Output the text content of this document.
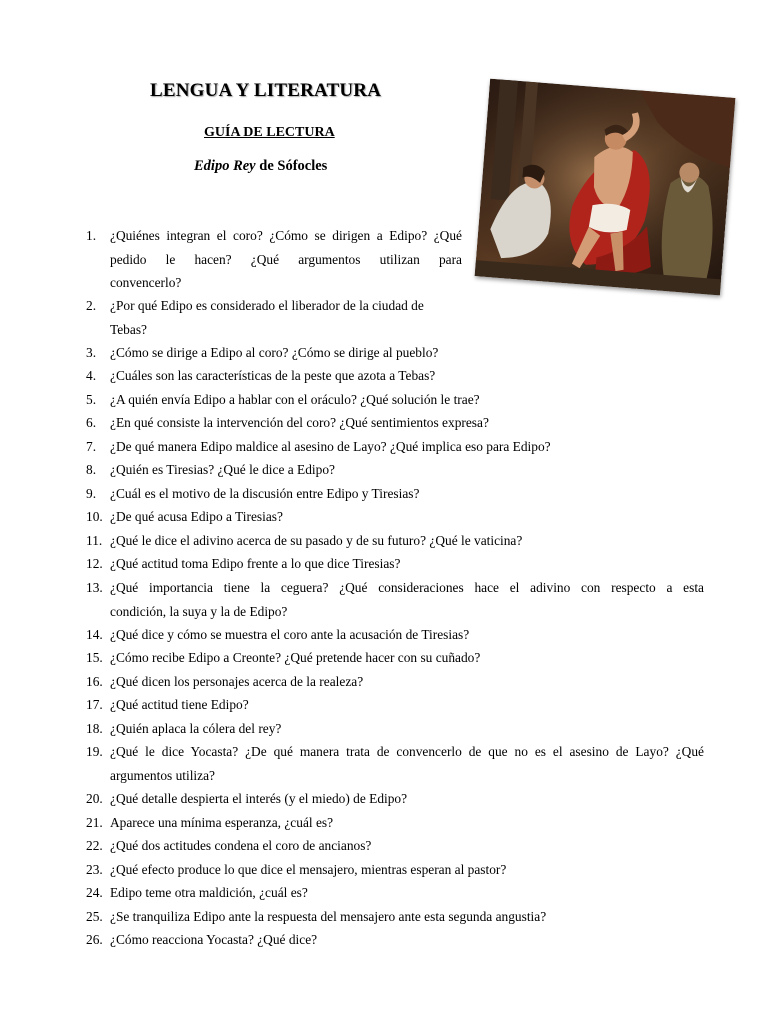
LENGUA Y LITERATURA
GUÍA DE LECTURA
Edipo Rey de Sófocles
1.	¿Quiénes integran el coro? ¿Cómo se dirigen a Edipo? ¿Qué
pedido le hacen? ¿Qué argumentos utilizan para
convencerlo?
2.	¿Por qué Edipo es considerado el liberador de la ciudad de
Tebas?
3.	¿Cómo se dirige a Edipo al coro? ¿Cómo se dirige al pueblo?
4.	¿Cuáles son las características de la peste que azota a Tebas?
5.	¿A quién envía Edipo a hablar con el oráculo? ¿Qué solución le trae?
6.	¿En qué consiste la intervención del coro? ¿Qué sentimientos expresa?
7.	¿De qué manera Edipo maldice al asesino de Layo? ¿Qué implica eso para Edipo?
8.	¿Quién es Tiresias? ¿Qué le dice a Edipo?
9.	¿Cuál es el motivo de la discusión entre Edipo y Tiresias?
10. ¿De qué acusa Edipo a Tiresias?
11. ¿Qué le dice el adivino acerca de su pasado y de su futuro? ¿Qué le vaticina?
12. ¿Qué actitud toma Edipo frente a lo que dice Tiresias?
13. ¿Qué importancia tiene la ceguera? ¿Qué consideraciones hace el adivino con respecto a esta
condición, la suya y la de Edipo?
14. ¿Qué dice y cómo se muestra el coro ante la acusación de Tiresias?
15. ¿Cómo recibe Edipo a Creonte? ¿Qué pretende hacer con su cuñado?
16. ¿Qué dicen los personajes acerca de la realeza?
17. ¿Qué actitud tiene Edipo?
18. ¿Quién aplaca la cólera del rey?
19. ¿Qué le dice Yocasta? ¿De qué manera trata de convencerlo de que no es el asesino de Layo? ¿Qué
argumentos utiliza?
20. ¿Qué detalle despierta el interés (y el miedo) de Edipo?
21. Aparece una mínima esperanza, ¿cuál es?
22. ¿Qué dos actitudes condena el coro de ancianos?
23. ¿Qué efecto produce lo que dice el mensajero, mientras esperan al pastor?
24. Edipo teme otra maldición, ¿cuál es?
25. ¿Se tranquiliza Edipo ante la respuesta del mensajero ante esta segunda angustia?
26. ¿Cómo reacciona Yocasta? ¿Qué dice?
